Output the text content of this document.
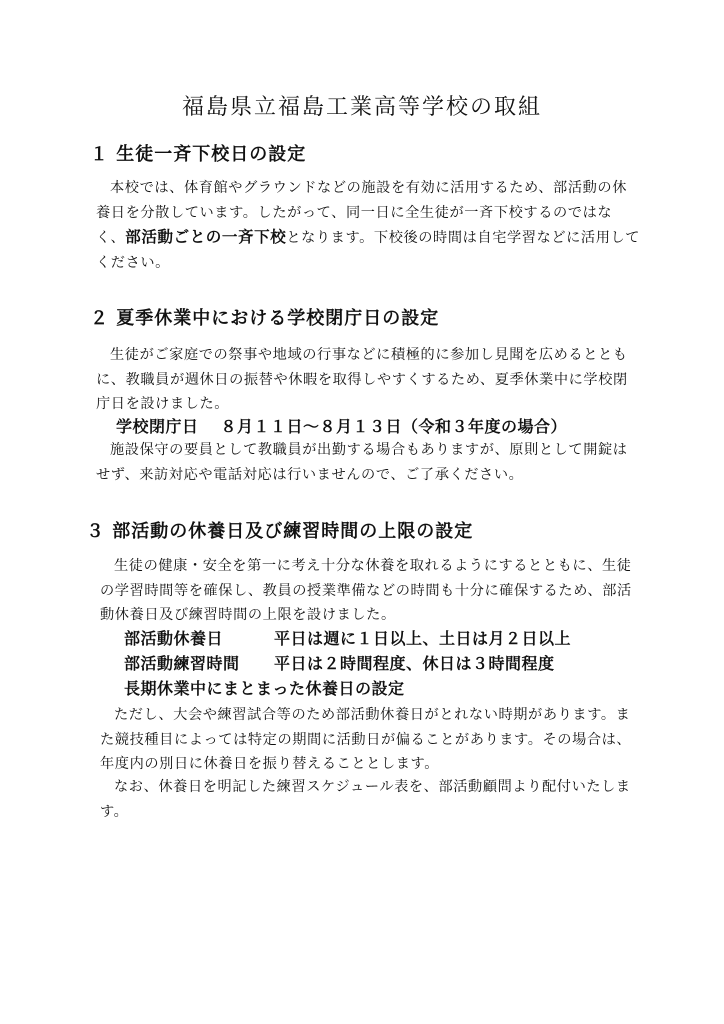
福島県立福島工業高等学校の取組
１ 生徒一斉下校日の設定

本校では、体育館やグラウンドなどの施設を有効に活用するため、部活動の休養日を分散しています。したがって、同一日に全生徒が一斉下校するのではなく、部活動ごとの一斉下校となります。下校後の時間は自宅学習などに活用してください。

２ 夏季休業中における学校閉庁日の設定

生徒がご家庭での祭事や地域の行事などに積極的に参加し見聞を広めるとともに、教職員が週休日の振替や休暇を取得しやすくするため、夏季休業中に学校閉庁日を設けました。

学校閉庁日 ８月１１日～８月１３日（令和３年度の場合）

施設保守の要員として教職員が出勤する場合もありますが、原則として開錠はせず、来訪対応や電話対応は行いませんので、ご了承ください。

３ 部活動の休養日及び練習時間の上限の設定

生徒の健康・安全を第一に考え十分な休養を取れるようにするとともに、生徒の学習時間等を確保し、教員の授業準備などの時間も十分に確保するため、部活動休養日及び練習時間の上限を設けました。

部活動休養日	平日は週に１日以上、土日は月２日以上
部活動練習時間 平日は２時間程度、休日は３時間程度
長期休業中にまとまった休養日の設定

ただし、大会や練習試合等のため部活動休養日がとれない時期があります。また競技種目によっては特定の期間に活動日が偏ることがあります。その場合は、年度内の別日に休養日を振り替えることとします。

なお、休養日を明記した練習スケジュール表を、部活動顧問より配付いたします。
